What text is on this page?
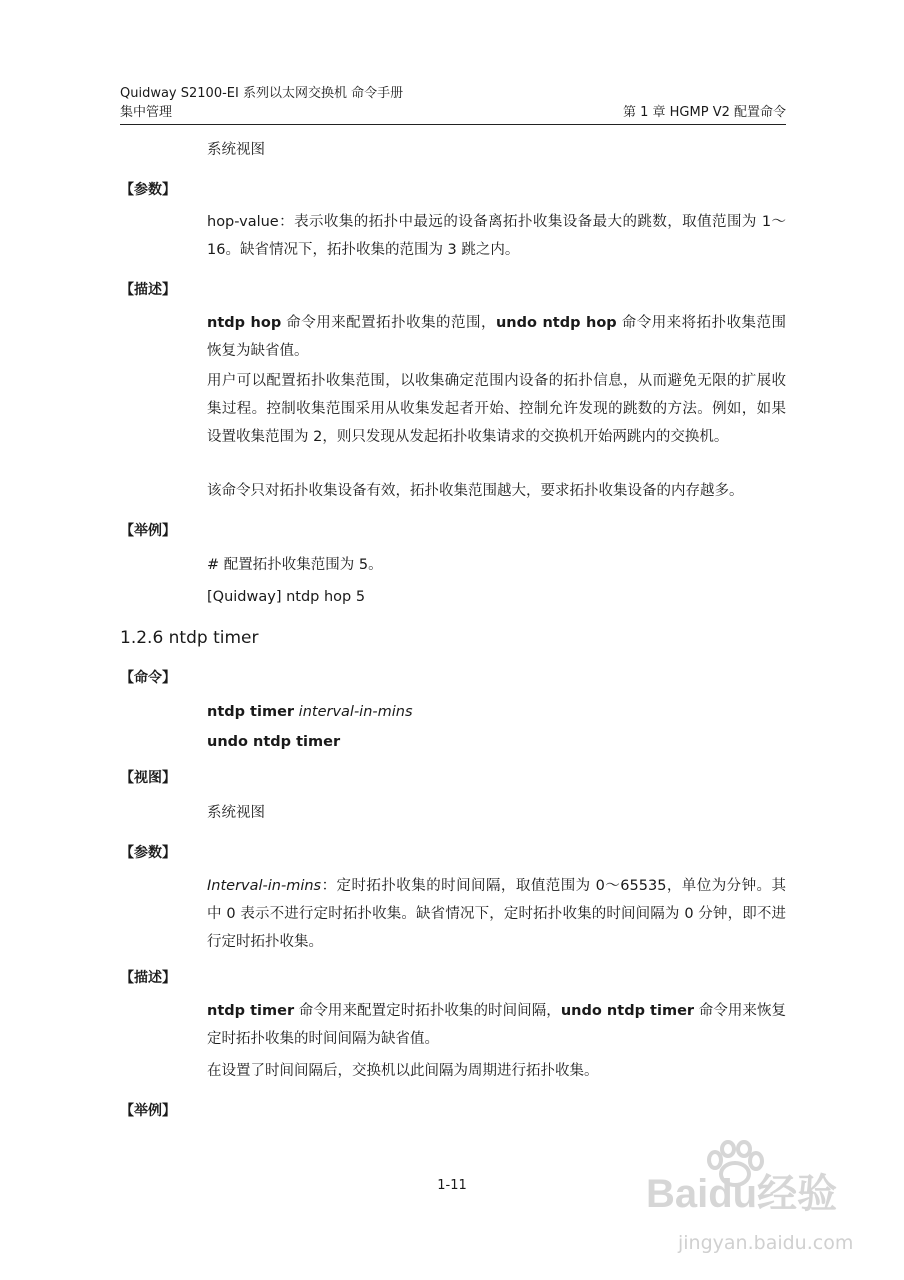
Quidway S2100-EI 系列以太网交换机 命令手册
集中管理	第 1 章 HGMP V2 配置命令
系统视图
【参数】
hop-value：表示收集的拓扑中最远的设备离拓扑收集设备最大的跳数，取值范围为 1～16。缺省情况下，拓扑收集的范围为 3 跳之内。
【描述】
ntdp hop 命令用来配置拓扑收集的范围，undo ntdp hop 命令用来将拓扑收集范围恢复为缺省值。
用户可以配置拓扑收集范围，以收集确定范围内设备的拓扑信息，从而避免无限的扩展收集过程。控制收集范围采用从收集发起者开始、控制允许发现的跳数的方法。例如，如果设置收集范围为 2，则只发现从发起拓扑收集请求的交换机开始两跳内的交换机。
该命令只对拓扑收集设备有效，拓扑收集范围越大，要求拓扑收集设备的内存越多。
【举例】
# 配置拓扑收集范围为 5。
[Quidway] ntdp hop 5
1.2.6 ntdp timer
【命令】
ntdp timer interval-in-mins
undo ntdp timer
【视图】
系统视图
【参数】
Interval-in-mins：定时拓扑收集的时间间隔，取值范围为 0～65535，单位为分钟。其中 0 表示不进行定时拓扑收集。缺省情况下，定时拓扑收集的时间间隔为 0 分钟，即不进行定时拓扑收集。
【描述】
ntdp timer 命令用来配置定时拓扑收集的时间间隔，undo ntdp timer 命令用来恢复定时拓扑收集的时间间隔为缺省值。
在设置了时间间隔后，交换机以此间隔为周期进行拓扑收集。
【举例】
1-11	Baidu经验
jingyan.baidu.com
